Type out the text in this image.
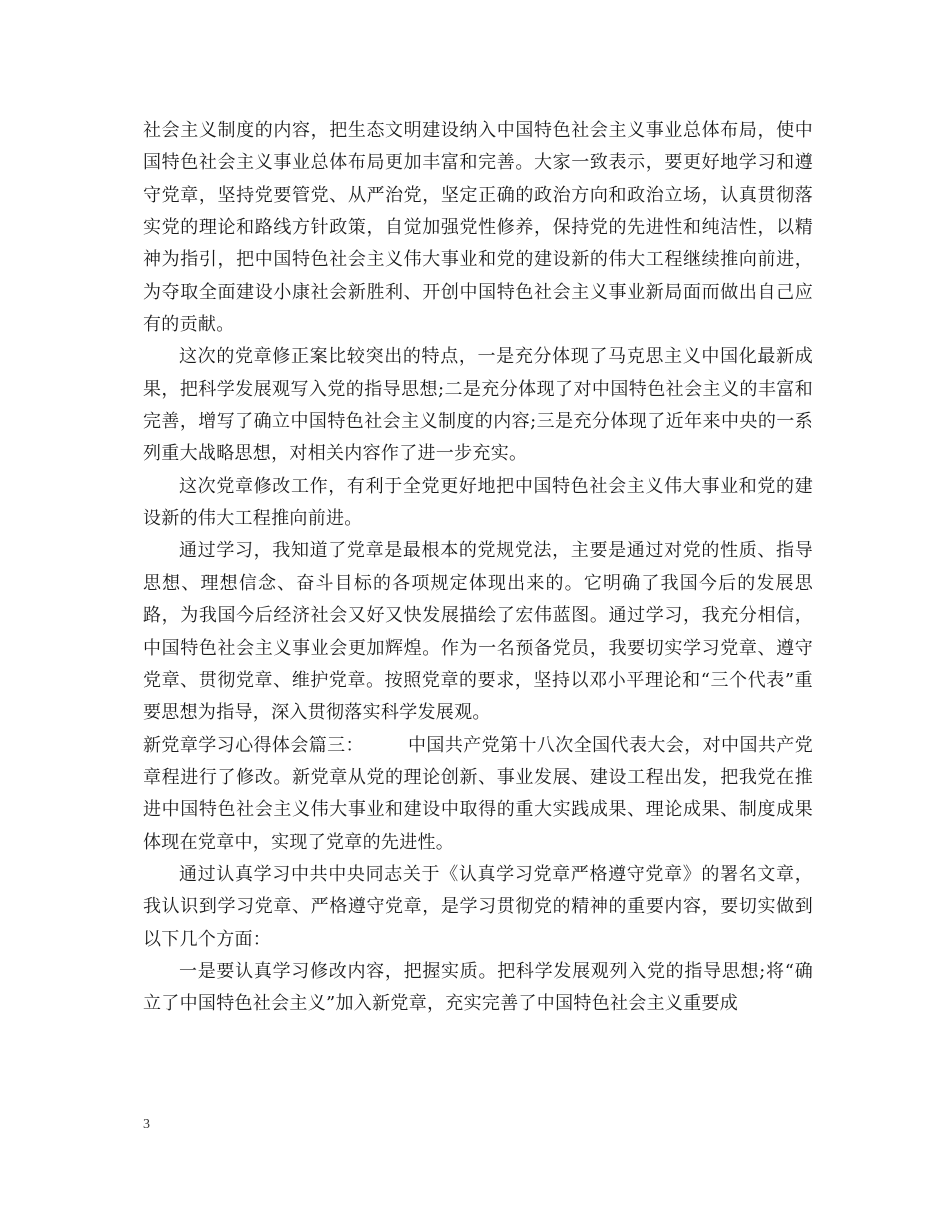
社会主义制度的内容，把生态文明建设纳入中国特色社会主义事业总体布局，使中国特色社会主义事业总体布局更加丰富和完善。大家一致表示，要更好地学习和遵守党章，坚持党要管党、从严治党，坚定正确的政治方向和政治立场，认真贯彻落实党的理论和路线方针政策，自觉加强党性修养，保持党的先进性和纯洁性，以精神为指引，把中国特色社会主义伟大事业和党的建设新的伟大工程继续推向前进，为夺取全面建设小康社会新胜利、开创中国特色社会主义事业新局面而做出自己应有的贡献。

这次的党章修正案比较突出的特点，一是充分体现了马克思主义中国化最新成果，把科学发展观写入党的指导思想;二是充分体现了对中国特色社会主义的丰富和完善，增写了确立中国特色社会主义制度的内容;三是充分体现了近年来中央的一系列重大战略思想，对相关内容作了进一步充实。

这次党章修改工作，有利于全党更好地把中国特色社会主义伟大事业和党的建设新的伟大工程推向前进。

通过学习，我知道了党章是最根本的党规党法，主要是通过对党的性质、指导思想、理想信念、奋斗目标的各项规定体现出来的。它明确了我国今后的发展思路，为我国今后经济社会又好又快发展描绘了宏伟蓝图。通过学习，我充分相信，中国特色社会主义事业会更加辉煌。作为一名预备党员，我要切实学习党章、遵守党章、贯彻党章、维护党章。按照党章的要求，坚持以邓小平理论和“三个代表”重要思想为指导，深入贯彻落实科学发展观。

新党章学习心得体会篇三： 中国共产党第十八次全国代表大会，对中国共产党章程进行了修改。新党章从党的理论创新、事业发展、建设工程出发，把我党在推进中国特色社会主义伟大事业和建设中取得的重大实践成果、理论成果、制度成果体现在党章中，实现了党章的先进性。

通过认真学习中共中央同志关于《认真学习党章严格遵守党章》的署名文章，我认识到学习党章、严格遵守党章，是学习贯彻党的精神的重要内容，要切实做到以下几个方面：

一是要认真学习修改内容，把握实质。把科学发展观列入党的指导思想;将“确立了中国特色社会主义”加入新党章，充实完善了中国特色社会主义重要成

3
